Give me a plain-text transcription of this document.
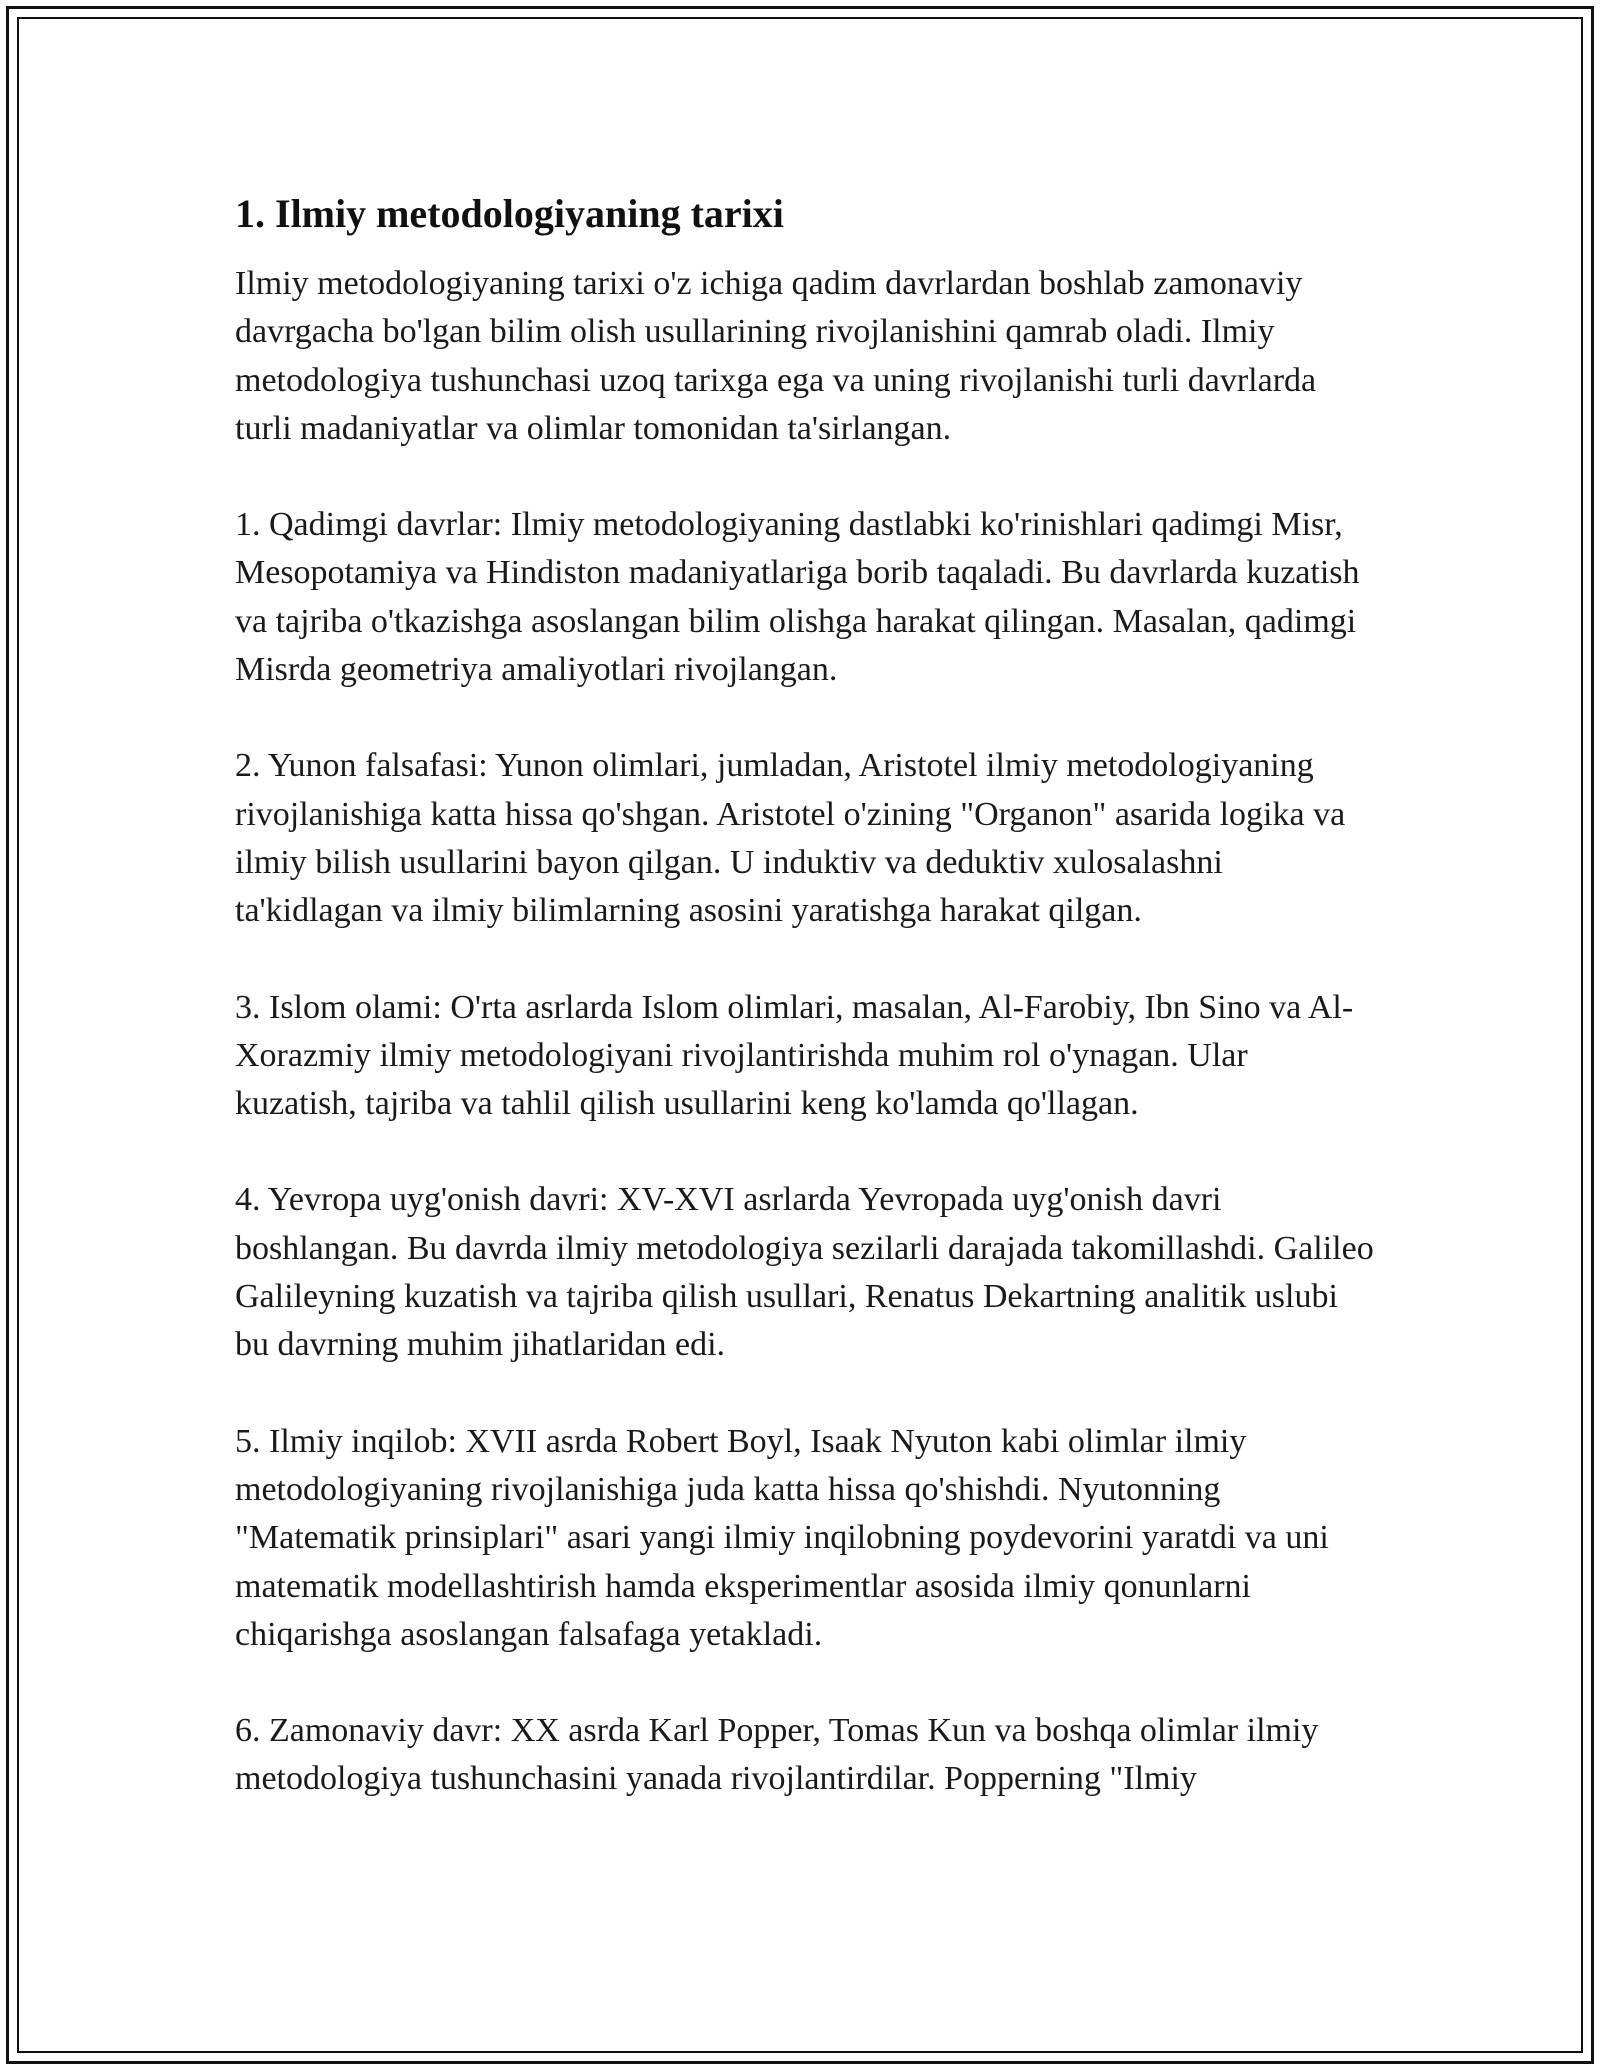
1. Ilmiy metodologiyaning tarixi

Ilmiy metodologiyaning tarixi o'z ichiga qadim davrlardan boshlab zamonaviy davrgacha bo'lgan bilim olish usullarining rivojlanishini qamrab oladi. Ilmiy metodologiya tushunchasi uzoq tarixga ega va uning rivojlanishi turli davrlarda turli madaniyatlar va olimlar tomonidan ta'sirlangan.

1. Qadimgi davrlar: Ilmiy metodologiyaning dastlabki ko'rinishlari qadimgi Misr, Mesopotamiya va Hindiston madaniyatlariga borib taqaladi. Bu davrlarda kuzatish va tajriba o'tkazishga asoslangan bilim olishga harakat qilingan. Masalan, qadimgi Misrda geometriya amaliyotlari rivojlangan.

2. Yunon falsafasi: Yunon olimlari, jumladan, Aristotel ilmiy metodologiyaning rivojlanishiga katta hissa qo'shgan. Aristotel o'zining "Organon" asarida logika va ilmiy bilish usullarini bayon qilgan. U induktiv va deduktiv xulosalashni ta'kidlagan va ilmiy bilimlarning asosini yaratishga harakat qilgan.

3. Islom olami: O'rta asrlarda Islom olimlari, masalan, Al-Farobiy, Ibn Sino va Al-Xorazmiy ilmiy metodologiyani rivojlantirishda muhim rol o'ynagan. Ular kuzatish, tajriba va tahlil qilish usullarini keng ko'lamda qo'llagan.

4. Yevropa uyg'onish davri: XV-XVI asrlarda Yevropada uyg'onish davri boshlangan. Bu davrda ilmiy metodologiya sezilarli darajada takomillashdi. Galileo Galileyning kuzatish va tajriba qilish usullari, Renatus Dekartning analitik uslubi bu davrning muhim jihatlaridan edi.

5. Ilmiy inqilob: XVII asrda Robert Boyl, Isaak Nyuton kabi olimlar ilmiy metodologiyaning rivojlanishiga juda katta hissa qo'shishdi. Nyutonning "Matematik prinsiplari" asari yangi ilmiy inqilobning poydevorini yaratdi va uni matematik modellashtirish hamda eksperimentlar asosida ilmiy qonunlarni chiqarishga asoslangan falsafaga yetakladi.

6. Zamonaviy davr: XX asrda Karl Popper, Tomas Kun va boshqa olimlar ilmiy metodologiya tushunchasini yanada rivojlantirdilar. Popperning "Ilmiy
